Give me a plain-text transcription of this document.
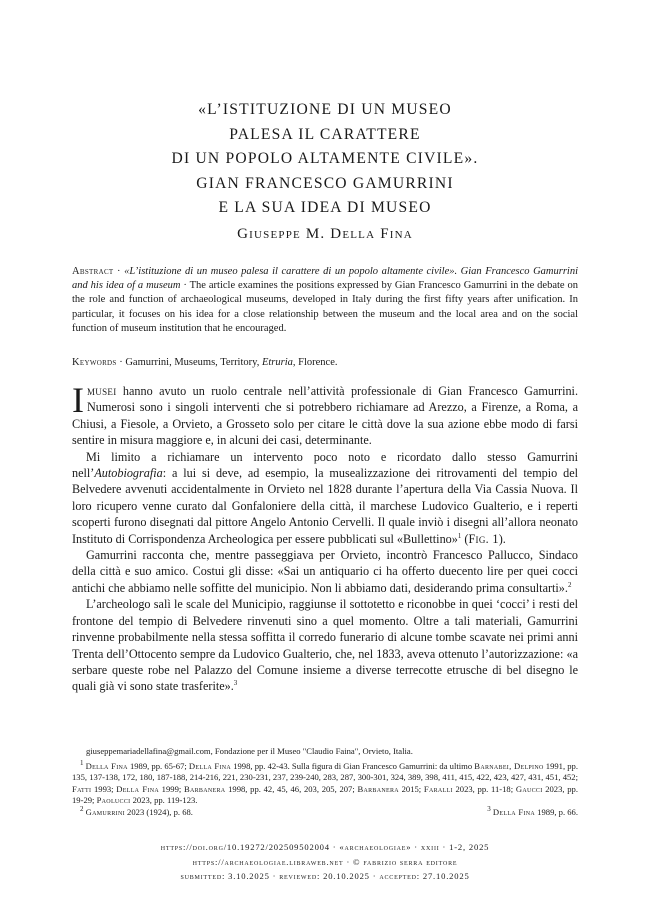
«L’ISTITUZIONE DI UN MUSEO
PALESA IL CARATTERE
DI UN POPOLO ALTAMENTE CIVILE».
GIAN FRANCESCO GAMURRINI
E LA SUA IDEA DI MUSEO
Giuseppe M. Della Fina
Abstract · «L’istituzione di un museo palesa il carattere di un popolo altamente civile». Gian Francesco Gamurrini and his idea of a museum · The article examines the positions expressed by Gian Francesco Gamurrini in the debate on the role and function of archaeological museums, developed in Italy during the first fifty years after unification. In particular, it focuses on his idea for a close relationship between the museum and the local area and on the social function of museum institution that he encouraged.
Keywords · Gamurrini, Museums, Territory, Etruria, Florence.

Imusei hanno avuto un ruolo centrale nell’attività professionale di Gian Francesco Gamurrini. Numerosi sono i singoli interventi che si potrebbero richiamare ad Arezzo, a Firenze, a Roma, a Chiusi, a Fiesole, a Orvieto, a Grosseto solo per citare le città dove la sua azione ebbe modo di farsi sentire in misura maggiore e, in alcuni dei casi, determinante.

Mi limito a richiamare un intervento poco noto e ricordato dallo stesso Gamurrini nell’Autobiografia: a lui si deve, ad esempio, la musealizzazione dei ritrovamenti del tempio del Belvedere avvenuti accidentalmente in Orvieto nel 1828 durante l’apertura della Via Cassia Nuova. Il loro ricupero venne curato dal Gonfaloniere della città, il marchese Ludovico Gualterio, e i reperti scoperti furono disegnati dal pittore Angelo Antonio Cervelli. Il quale inviò i disegni all’allora neonato Instituto di Corrispondenza Archeologica per essere pubblicati sul «Bullettino»$^1$ (Fig. 1).

Gamurrini racconta che, mentre passeggiava per Orvieto, incontrò Francesco Pallucco, Sindaco della città e suo amico. Costui gli disse: «Sai un antiquario ci ha offerto duecento lire per quei cocci antichi che abbiamo nelle soffitte del municipio. Non li abbiamo dati, desiderando prima consultarti».$^2$

L’archeologo salì le scale del Municipio, raggiunse il sottotetto e riconobbe in quei ‘cocci’ i resti del frontone del tempio di Belvedere rinvenuti sino a quel momento. Oltre a tali materiali, Gamurrini rinvenne probabilmente nella stessa soffitta il corredo funerario di alcune tombe scavate nei primi anni Trenta dell’Ottocento sempre da Ludovico Gualterio, che, nel 1833, aveva ottenuto l’autorizzazione: «a serbare queste robe nel Palazzo del Comune insieme a diverse terrecotte etrusche di bel disegno le quali già vi sono state trasferite».$^3$

giuseppemariadellafina@gmail.com, Fondazione per il Museo "Claudio Faina", Orvieto, Italia.

$^1$ Della Fina 1989, pp. 65-67; Della Fina 1998, pp. 42-43. Sulla figura di Gian Francesco Gamurrini: da ultimo Barnabei, Delpino 1991, pp. 135, 137-138, 172, 180, 187-188, 214-216, 221, 230-231, 237, 239-240, 283, 287, 300-301, 324, 389, 398, 411, 415, 422, 423, 427, 431, 451, 452; Fatti 1993; Della Fina 1999; Barbanera 1998, pp. 42, 45, 46, 203, 205, 207; Barbanera 2015; Faralli 2023, pp. 11-18; Gaucci 2023, pp. 19-29; Paolucci 2023, pp. 119-123.

$^2$ Gamurrini 2023 (1924), p. 68.	$^3$ Della Fina 1989, p. 66.

https://doi.org/10.19272/202509502004 · «archaeologiae» · xxiii · 1-2, 2025
https://archaeologiae.libraweb.net · © fabrizio serra editore
submitted: 3.10.2025 · reviewed: 20.10.2025 · accepted: 27.10.2025
